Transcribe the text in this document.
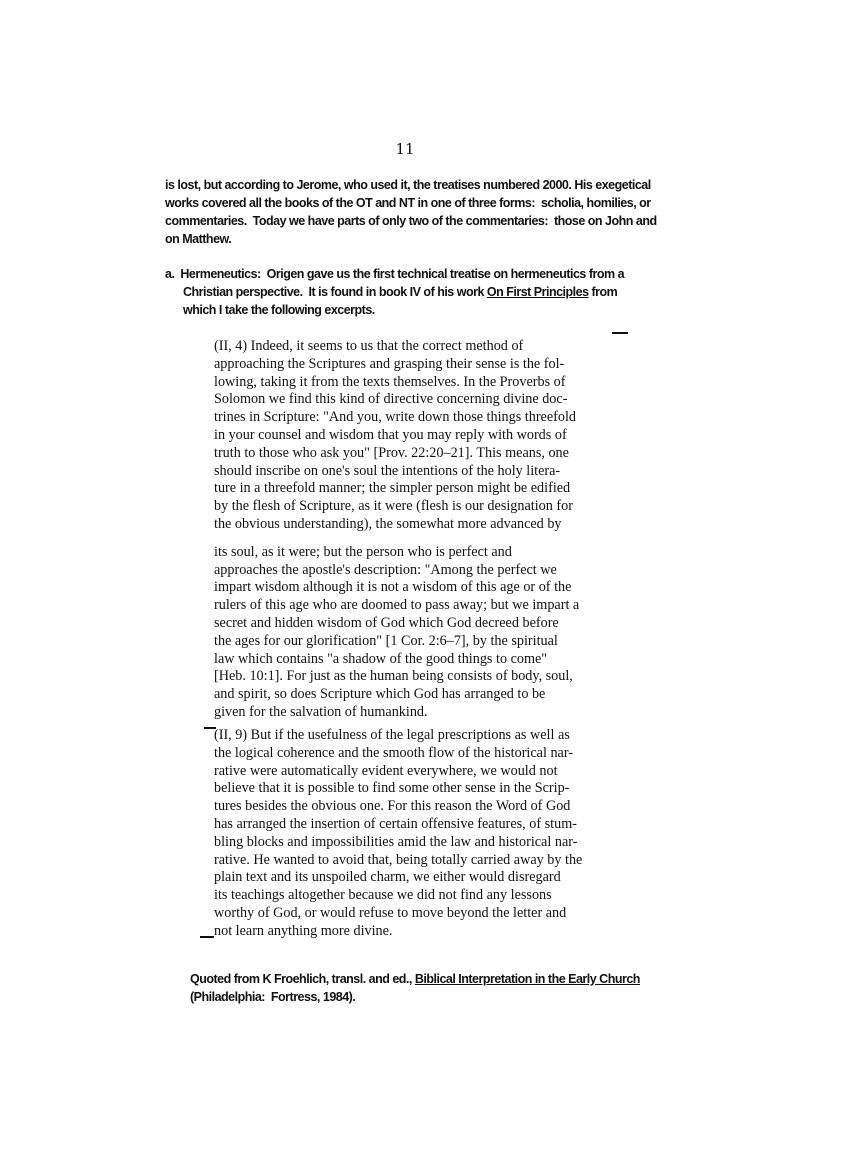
11
is lost, but according to Jerome, who used it, the treatises numbered 2000. His exegetical
works covered all the books of the OT and NT in one of three forms:  scholia, homilies, or
commentaries.  Today we have parts of only two of the commentaries:  those on John and
on Matthew.
a.  Hermeneutics:  Origen gave us the first technical treatise on hermeneutics from a
Christian perspective.  It is found in book IV of his work On First Principles from
which I take the following excerpts.
(II, 4) Indeed, it seems to us that the correct method of
approaching the Scriptures and grasping their sense is the fol-
lowing, taking it from the texts themselves. In the Proverbs of
Solomon we find this kind of directive concerning divine doc-
trines in Scripture: "And you, write down those things threefold
in your counsel and wisdom that you may reply with words of
truth to those who ask you" [Prov. 22:20–21]. This means, one
should inscribe on one's soul the intentions of the holy litera-
ture in a threefold manner; the simpler person might be edified
by the flesh of Scripture, as it were (flesh is our designation for
the obvious understanding), the somewhat more advanced by
its soul, as it were; but the person who is perfect and
approaches the apostle's description: "Among the perfect we
impart wisdom although it is not a wisdom of this age or of the
rulers of this age who are doomed to pass away; but we impart a
secret and hidden wisdom of God which God decreed before
the ages for our glorification" [1 Cor. 2:6–7], by the spiritual
law which contains "a shadow of the good things to come"
[Heb. 10:1]. For just as the human being consists of body, soul,
and spirit, so does Scripture which God has arranged to be
given for the salvation of humankind.
(II, 9) But if the usefulness of the legal prescriptions as well as
the logical coherence and the smooth flow of the historical nar-
rative were automatically evident everywhere, we would not
believe that it is possible to find some other sense in the Scrip-
tures besides the obvious one. For this reason the Word of God
has arranged the insertion of certain offensive features, of stum-
bling blocks and impossibilities amid the law and historical nar-
rative. He wanted to avoid that, being totally carried away by the
plain text and its unspoiled charm, we either would disregard
its teachings altogether because we did not find any lessons
worthy of God, or would refuse to move beyond the letter and
not learn anything more divine.
Quoted from K Froehlich, transl. and ed., Biblical Interpretation in the Early Church
(Philadelphia:  Fortress, 1984).
